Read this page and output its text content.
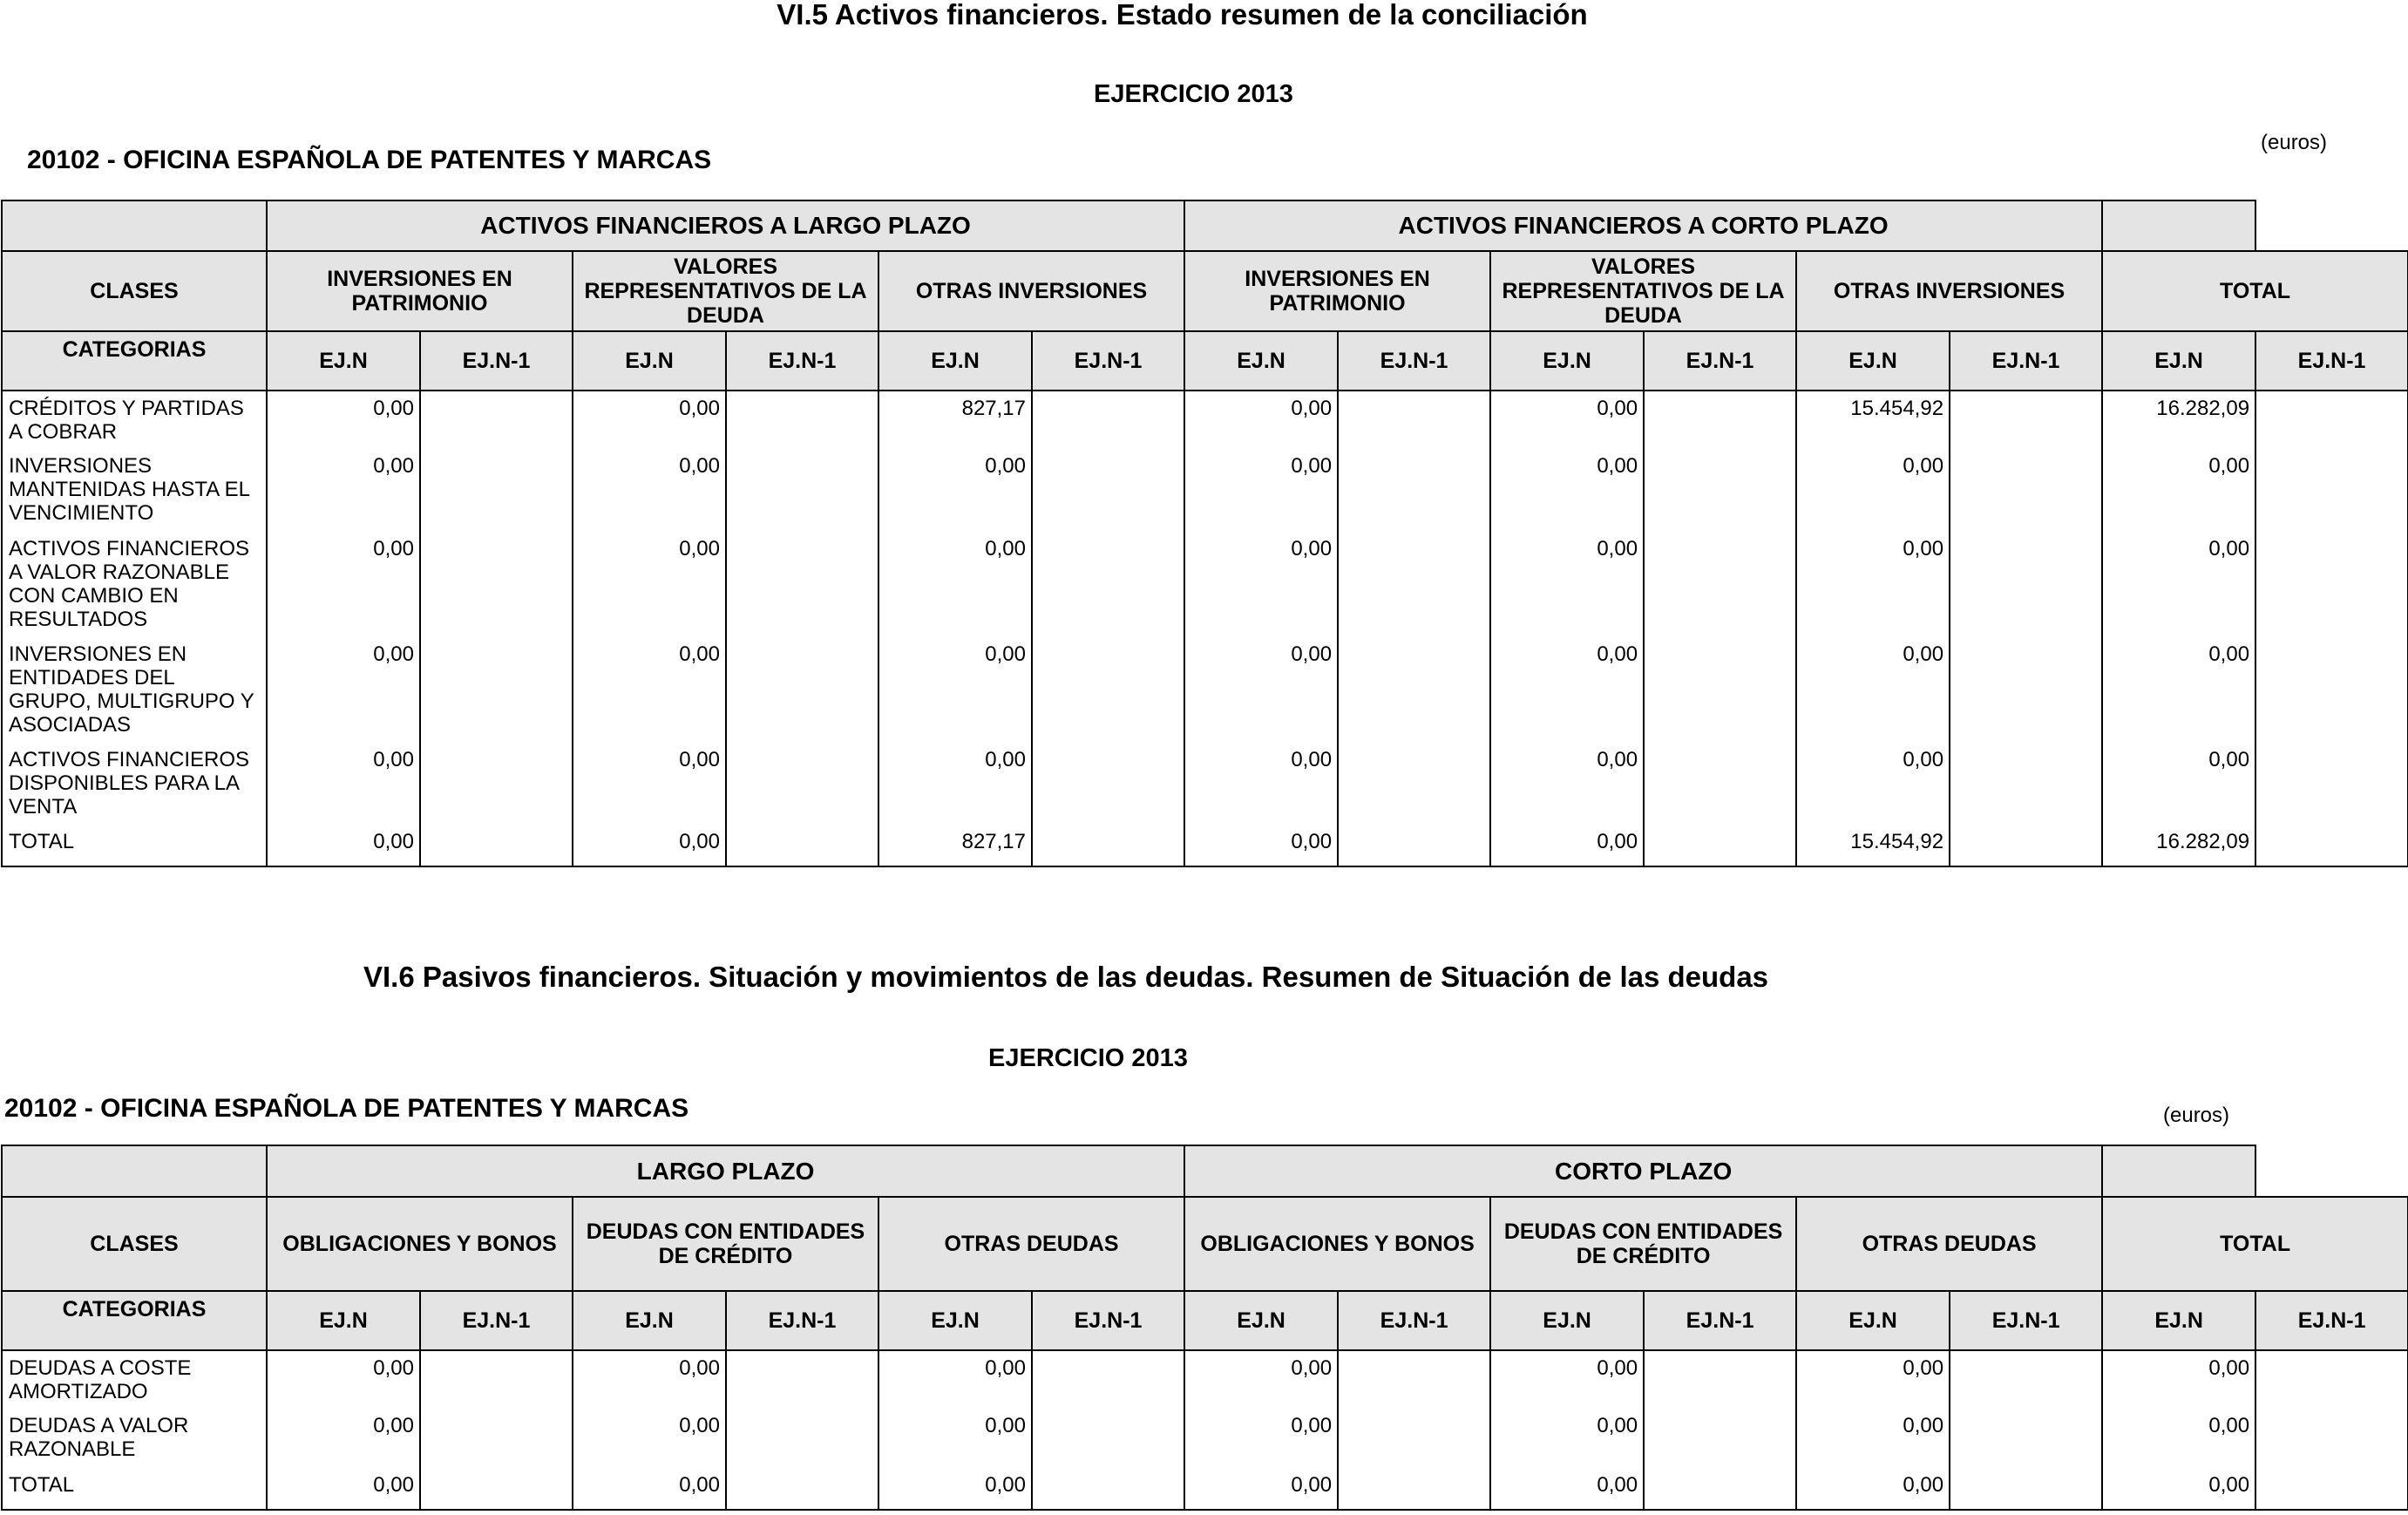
VI.5 Activos financieros. Estado resumen de la conciliación
EJERCICIO 2013
20102 - OFICINA ESPAÑOLA DE PATENTES Y MARCAS
(euros)
	ACTIVOS FINANCIEROS A LARGO PLAZO						ACTIVOS FINANCIEROS A CORTO PLAZO							
CLASES	INVERSIONES EN PATRIMONIO		VALORES REPRESENTATIVOS DE LA DEUDA		OTRAS INVERSIONES		INVERSIONES EN PATRIMONIO		VALORES REPRESENTATIVOS DE LA DEUDA		OTRAS INVERSIONES		TOTAL	
CATEGORIAS	EJ.N	EJ.N-1	EJ.N	EJ.N-1	EJ.N	EJ.N-1	EJ.N	EJ.N-1	EJ.N	EJ.N-1	EJ.N	EJ.N-1	EJ.N	EJ.N-1
CRÉDITOS Y PARTIDAS A COBRAR	0,00		0,00		827,17		0,00		0,00		15.454,92		16.282,09	
INVERSIONES MANTENIDAS HASTA EL VENCIMIENTO	0,00		0,00		0,00		0,00		0,00		0,00		0,00	
ACTIVOS FINANCIEROS A VALOR RAZONABLE CON CAMBIO EN RESULTADOS	0,00		0,00		0,00		0,00		0,00		0,00		0,00	
INVERSIONES EN ENTIDADES DEL GRUPO, MULTIGRUPO Y ASOCIADAS	0,00		0,00		0,00		0,00		0,00		0,00		0,00	
ACTIVOS FINANCIEROS DISPONIBLES PARA LA VENTA	0,00		0,00		0,00		0,00		0,00		0,00		0,00	
TOTAL	0,00		0,00		827,17		0,00		0,00		15.454,92		16.282,09	
VI.6 Pasivos financieros. Situación y movimientos de las deudas. Resumen de Situación de las deudas
EJERCICIO 2013
20102 - OFICINA ESPAÑOLA DE PATENTES Y MARCAS	(euros)
	LARGO PLAZO						CORTO PLAZO							
CLASES	OBLIGACIONES Y BONOS		DEUDAS CON ENTIDADES DE CRÉDITO		OTRAS DEUDAS		OBLIGACIONES Y BONOS		DEUDAS CON ENTIDADES DE CRÉDITO		OTRAS DEUDAS		TOTAL	
CATEGORIAS	EJ.N	EJ.N-1	EJ.N	EJ.N-1	EJ.N	EJ.N-1	EJ.N	EJ.N-1	EJ.N	EJ.N-1	EJ.N	EJ.N-1	EJ.N	EJ.N-1
DEUDAS A COSTE AMORTIZADO	0,00		0,00		0,00		0,00		0,00		0,00		0,00	
DEUDAS A VALOR RAZONABLE	0,00		0,00		0,00		0,00		0,00		0,00		0,00	
TOTAL	0,00		0,00		0,00		0,00		0,00		0,00		0,00	
